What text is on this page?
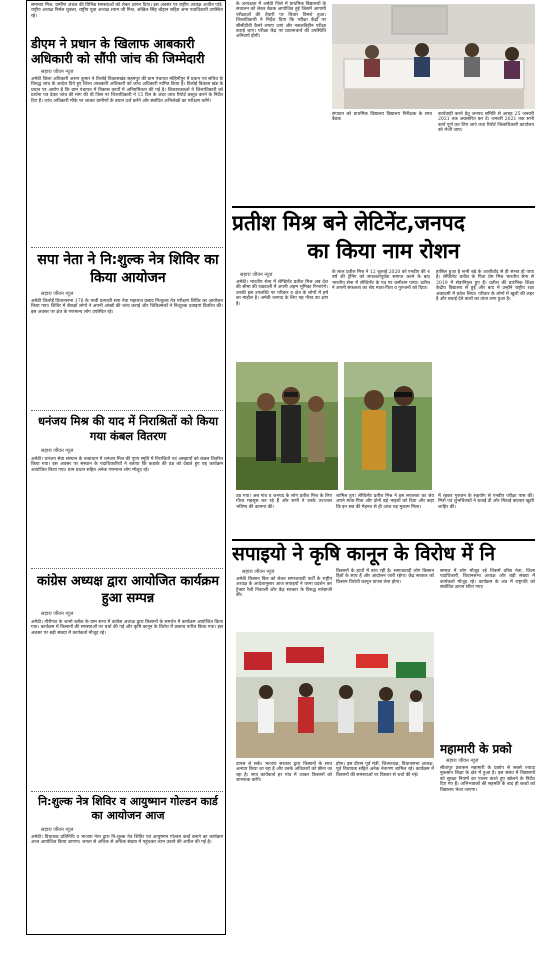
समन्‍वय मिश्र, ग्रामीण अंचल की विभिन्न समस्याओं को लेकर ज्ञापन दिया। इस अवसर पर राष्ट्रीय अध्यक्ष अजीत पांडे, राष्ट्रीय अध्यक्ष निर्मल शुक्ला, राष्ट्रीय युवा अध्यक्ष श्याम जी मिश्र, अखिल सिंह चौहान सहित अन्य पदाधिकारी उपस्थित रहे।
डीएम ने प्रधान के खिलाफ आबकारी अधिकारी को सौंपी जांच की जिम्मेदारी
सहारा जीवन न्यूज
अमेठी जिला अधिकारी अरुण कुमार ने तिलोई विकासखंड सहमपुर की ग्राम पंचायत मोहिनीपुर में प्रधान एवं सचिव के विरुद्ध जांच के आदेश दिये हुए जिला आबकारी अधिकारी को जांच अधिकारी नामित किया है। तिलोई विकास खंड के प्रधान पर आरोप है कि ग्राम पंचायत में विकास कार्यों में अनियमितता की गई है। शिकायतकर्ता ने जिलाधिकारी को प्रार्थना पत्र देकर जांच की मांग की थी जिस पर जिलाधिकारी ने 15 दिन के अंदर जांच रिपोर्ट प्रस्तुत करने के निर्देश दिए हैं। जांच अधिकारी मौके पर जाकर ग्रामीणों के बयान दर्ज करेंगे और संबंधित अभिलेखों का परीक्षण करेंगे।
सपा नेता ने नि:शुल्क नेत्र शिविर का किया आयोजन
सहारा जीवन न्यूज
अमेठी जिलोई विधानसभा 178 के भावी प्रत्याशी सपा नेता महाराज प्रसाद निःशुल्क नेत्र परीक्षण शिविर का आयोजन किया गया। शिविर में सैकड़ों लोगों ने अपनी आंखों की जांच कराई और चिकित्सकों ने निःशुल्क दवाइयां वितरित की। इस अवसर पर क्षेत्र के गणमान्य लोग उपस्थित रहे।
धनंजय मिश्र की याद में निराश्रितों को किया गया कंबल वितरण
सहारा जीवन न्यूज
अमेठी। धनंजय सेवा संस्थान के तत्वाधान में धनंजय मिश्र की पुण्य स्मृति में निराश्रितों एवं असहायों को कंबल वितरित किया गया। इस अवसर पर संस्थान के पदाधिकारियों ने बताया कि कड़ाके की ठंड को देखते हुए यह कार्यक्रम आयोजित किया गया। ग्राम प्रधान सहित अनेक गणमान्य लोग मौजूद रहे।
कांग्रेस अध्यक्ष द्वारा आयोजित कार्यक्रम हुआ सम्पन्न
सहारा जीवन न्यूज
अमेठी। गौरीगंज के जामो ब्लॉक के ग्राम सभा में कांग्रेस अध्यक्ष द्वारा किसानों के समर्थन में कार्यक्रम आयोजित किया गया। कार्यक्रम में किसानों की समस्याओं पर चर्चा की गई और कृषि कानून के विरोध में प्रस्ताव पारित किया गया। इस अवसर पर बड़ी संख्या में कार्यकर्ता मौजूद रहे।
नि:शुल्क नेत्र शिविर व आयुष्मान गोल्डन कार्ड का आयोजन आज
सहारा जीवन न्यूज
अमेठी। विधायक प्रतिनिधि व भाजपा नेता द्वारा नि:शुल्क नेत्र शिविर एवं आयुष्मान गोल्डन कार्ड बनाने का कार्यक्रम आज आयोजित किया जाएगा। जनता से अधिक से अधिक संख्या में पहुंचकर लाभ उठाने की अपील की गई है।
के अध्यक्षता में अमेठी जिले में प्राथमिक विद्यालयों के संचालन को लेकर बैठक आयोजित हुई जिसमें आगामी परीक्षाओं की तैयारी पर विचार विमर्श हुआ। जिलाधिकारी ने निर्देश दिया कि परीक्षा केंद्रों पर सीसीटीवी कैमरे लगाए जाएं और नकलविहीन परीक्षा कराई जाए। परीक्षा केंद्र पर प्रधानाचार्य की उपस्थिति अनिवार्य होगी।
संपादन को प्राथमिक विद्यालय विद्यालय निरीक्षक के साथ बैठक
कार्यवाही करने हेतु जनपद समिति से आग्रह 25 जनवरी 2021 तक अग्रसारित कर दें। जनवरी 2021 तक सभी कार्य पूर्ण कर लिए जाएं तथा रिपोर्ट जिलाधिकारी कार्यालय को भेजी जाए।
प्रतीश मिश्र बने लेटिनेंट,जनपद
का किया नाम रोशन
सहारा जीवन न्यूज
अमेठी। भारतीय सेना में लेफ्टिनेंट प्रतीश मिश्र अब देश की सीमा की रखवाली में अपनी अहम भूमिका निभाएंगे। उनकी इस उपलब्धि पर परिवार व क्षेत्र के लोगों में हर्ष का माहौल है। अमेठी जनपद के लिए यह गौरव का क्षण है।
के लाल प्रतीश मिश्र ने 12 जुलाई 2020 को एनडीए की 4 वर्ष की ट्रेनिंग को सफलतापूर्वक समाप्त करने के बाद भारतीय सेना में लेफ्टिनेंट के पद पर कमीशन पाया। प्रतीश ने अपनी सफलता का श्रेय माता-पिता व गुरुजनों को दिया।
हासिल हुआ है सभी बड़े के आशीर्वाद से ही संभव हो पाया है। लेफ्टिनेंट प्रतीश के पिता प्रेम मिश्र भारतीय सेना से 2019 में सेवानिवृत्त हुए हैं। प्रतीश की प्रारंभिक शिक्षा केंद्रीय विद्यालय से हुई और बाद में उन्होंने राष्ट्रीय रक्षा अकादमी में प्रवेश लिया। परिवार के लोगों में खुशी की लहर है और बधाई देने वालों का तांता लगा हुआ है।
उठ गया। अब गांव व जनपद के लोग प्रतीश मिश्र के लिए गौरव महसूस कर रहे हैं और सभी ने उनके उज्ज्वल भविष्य की कामना की।
शामिल हुए। लेफ्टिनेंट प्रतीश मिश्र ने इस सफलता का श्रेय अपने माता-पिता और दोनों बड़े भाइयों को दिया और कहा कि इन सब की मेहनत से ही आज यह मुकाम मिला।
में रहकर गुरुजन के सहयोग से एनडीए परीक्षा पास की। मित्रों एवं शुभचिंतकों ने बधाई दी और मिठाई बांटकर खुशी जाहिर की।
सपाइयो ने कृषि कानून के विरोध में नि
सहारा जीवन न्यूज
अमेठी किसान बिल को लेकर समाजवादी पार्टी के राष्ट्रीय अध्यक्ष के आदेशानुसार आज सपाइयों ने धरना प्रदर्शन कर ट्रैक्टर रैली निकाली और केंद्र सरकार के विरुद्ध नारेबाजी की।
किसानों के हाथों में बांध रही है। समाजवादी लोग किसान हितों के साथ हैं और आंदोलन जारी रहेगा। केंद्र सरकार को किसान विरोधी कानून वापस लेना होगा।
समाज में लोग मौजूद रहे जिसमें वरिष्ठ नेता, जिला पदाधिकारी, विधानसभा अध्यक्ष और बड़ी संख्या में कार्यकर्ता मौजूद रहे। कार्यक्रम के अंत में राष्ट्रपति को संबोधित ज्ञापन सौंपा गया।
वापस ले सकें। भाजपा सरकार द्वारा किसानों के साथ अन्याय किया जा रहा है और उनके अधिकारों को छीना जा रहा है। सपा कार्यकर्ता हर गांव में जाकर किसानों को जागरूक करेंगे।
होगा। इस दौरान पूर्व मंत्री, जिलाध्यक्ष, विधानसभा अध्यक्ष, पूर्व विधायक सहित अनेक नेतागण शामिल रहे। कार्यक्रम में किसानों की समस्याओं पर विस्तार से चर्चा की गई।
महामारी के प्रको
सहारा जीवन न्यूज
सीतापुर प्रशासन महामारी के प्रकोप से सबसे ज्यादा नुकसान शिक्षा के क्षेत्र में हुआ है। इस संबंध में विद्यालयों को सुरक्षा नियमों का पालन करते हुए खोलने के निर्देश दिए गए हैं। अभिभावकों की सहमति के बाद ही बच्चों को विद्यालय भेजा जाएगा।
